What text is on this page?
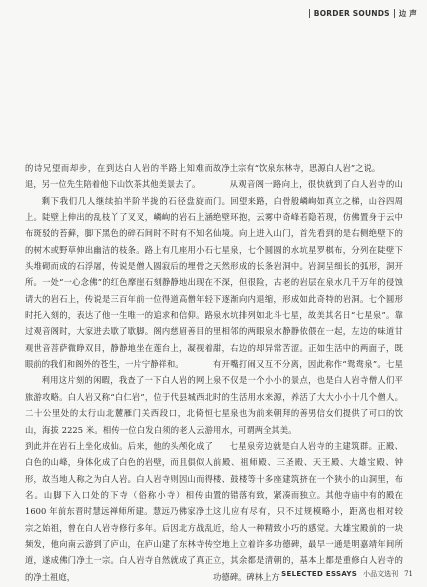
BORDER SOUNDS 边 声

的诗兄望而却步，在到达白人岩的半路上知难而退，另一位先生陪着他下山饮茶其他美景去了。

剩下我们几人继续拍半阶半拢的石径盘旋而上。陡壁上伸出的乱枝丫了叉叉，嶙峋的岩石上涵布斑驳的苔藓，脚下黑色的碎石间时不时有不知名的树木或野草伸出幽洁的枝条。路上有几座用小石头堆砌而成的石浮屠，传说是僧人圆寂后的埋骨之所。一处“一心念佛”的红色摩崖石刻静静地出现在请大的岩石上，传说是三百年前一位得道高僧年轻时托入刻的，表达了他一生唯一的追求和信仰。路过观音阁时，大家进去歇了歇脚。阁内慈眉善目的观世音菩萨微睁双目，静静地坐在莲台上，凝视着眼前的我们和阁外的苍生，一片宁静祥和。

利用这片刻的闲暇，我查了一下白人岩的网上旅游攻略。白人岩又称“白仁岩”，位于代县城西北二十公里处的太行山北麓雁门关西段口，北倚恒山，海拔 2225 米。相传一位白发白须的老人云游到此并在岩石上坐化成仙。后来，他的头颅化成了白色的山峰，身体化成了白色的岩壁，而且俱似人形，故当地人称之为白人岩。白人岩寺则因山而得名。山脚下入口处的下寺（俗称小寺）相传由 1600 年前东晋时慧远禅师所建。慧远乃佛家净土宗之始祖，曾在白人岩寺修行多年。后因北方战乱频发，他向南云游到了庐山，在庐山建了东林寺传道，遂成佛门净土一宗。白人岩寺自然就成了真正的净土祖庭，

故净土宗有“饮泉东林寺，思源白人岩”之说。

从观音阁一路向上，很快就到了白人岩寺的山门。回望来路，白骨般嶙峋如真立之梯，山谷四周绝壁环抱，云雾中奇峰若隐若现，仿佛置身于云中仙境。向上进入山门，首先看到的是右侧绝壁下的七星泉，七个圆圆的水坑星罗棋布，分列在陡壁下天然形成的长条岩洞中。岩洞呈细长的弧形，洞开不深，但很险，古老的岩层在泉水几千万年的侵蚀下逐渐向内退缩，形成如此奇特的岩洞。七个圆形泉水坑排列如北斗七星，故美其名日“七星泉”。靠里相邻的两眼泉水静静依偎在一起，左边的味道甘甜，右边的却异常苦涩。正如生活中的两面子，既有开嘴打闹又互不分离，因此称作“鸳鸯泉”。七星泉不仅是一个小小的景点，也是白人岩寺僧人们平时的生活用水来源，养活了大大小小十几个僧人。七星泉也为前来朝拜的善男信女们提供了可口的饮用水，可谓两全其美。

七星泉旁边就是白人岩寺的主建筑群。正殿、前殿、祖师殿、三圣殿、天王殿、大雄宝殿、钟楼、鼓楼等十多座建筑挤在一个狭小的山洞里，布置的错落有致，紧凑而独立。其他寺庙中有的殿在这儿应有尽有，只不过规模略小，距离也相对较近，给人一种精致小巧的感觉。大雄宝殿前的一块空地上立着许多功德碑，最早一通是明嘉靖年间所立，其余都是清朝的，基本上都是重修白人岩寺的功德碑。碑林上方 SELECTED ESSAYS 小品文选刊 71
